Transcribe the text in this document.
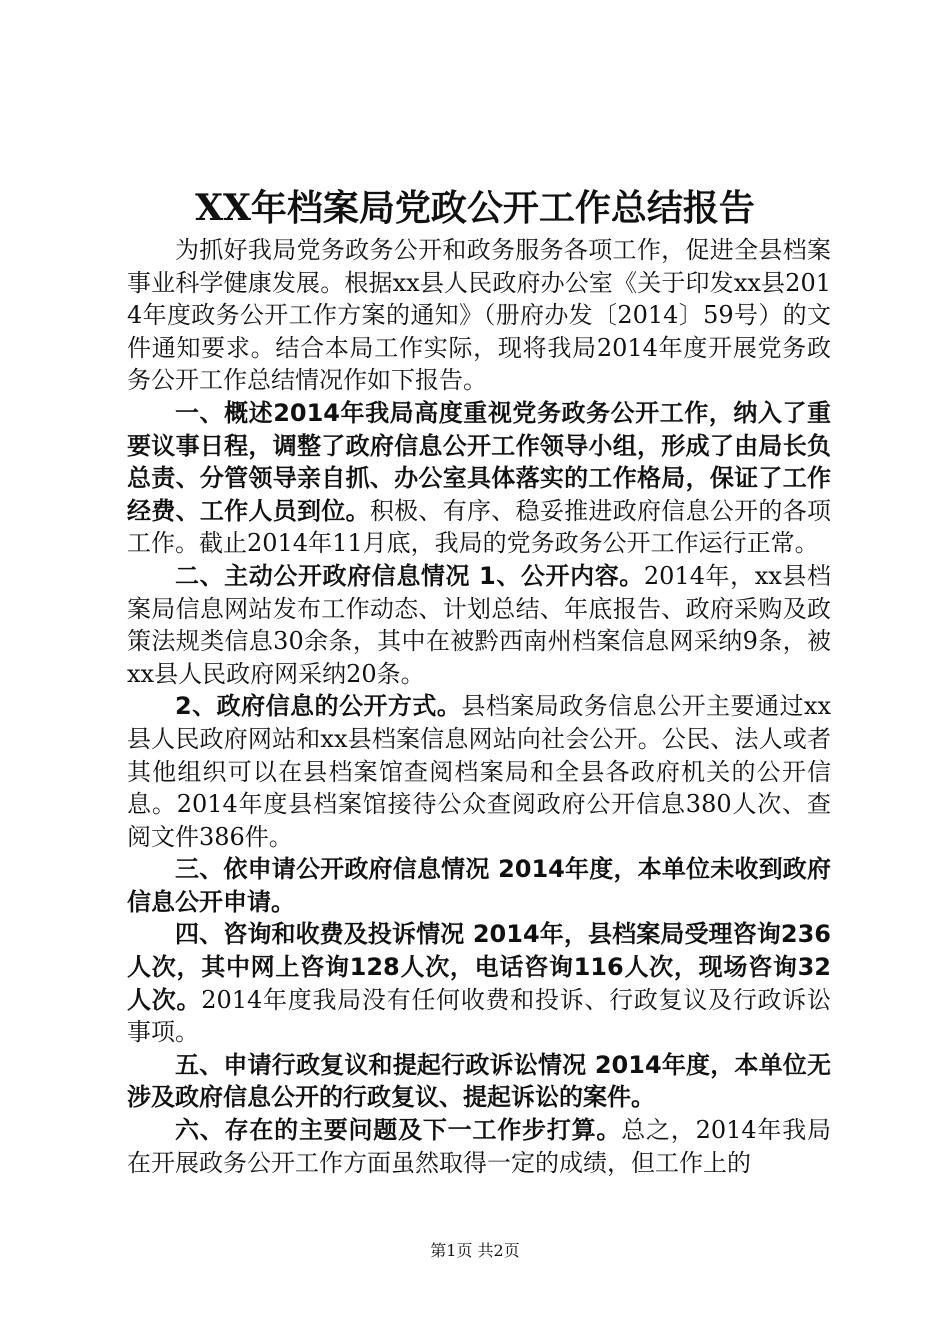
XX年档案局党政公开工作总结报告

为抓好我局党务政务公开和政务服务各项工作，促进全县档案事业科学健康发展。根据xx县人民政府办公室《关于印发xx县2014年度政务公开工作方案的通知》（册府办发〔2014〕59号）的文件通知要求。结合本局工作实际，现将我局2014年度开展党务政务公开工作总结情况作如下报告。

一、概述2014年我局高度重视党务政务公开工作，纳入了重要议事日程，调整了政府信息公开工作领导小组，形成了由局长负总责、分管领导亲自抓、办公室具体落实的工作格局，保证了工作经费、工作人员到位。积极、有序、稳妥推进政府信息公开的各项工作。截止2014年11月底，我局的党务政务公开工作运行正常。

二、主动公开政府信息情况 1、公开内容。2014年，xx县档案局信息网站发布工作动态、计划总结、年底报告、政府采购及政策法规类信息30余条，其中在被黔西南州档案信息网采纳9条，被xx县人民政府网采纳20条。

2、政府信息的公开方式。县档案局政务信息公开主要通过xx县人民政府网站和xx县档案信息网站向社会公开。公民、法人或者其他组织可以在县档案馆查阅档案局和全县各政府机关的公开信息。2014年度县档案馆接待公众查阅政府公开信息380人次、查阅文件386件。

三、依申请公开政府信息情况 2014年度，本单位未收到政府信息公开申请。

四、咨询和收费及投诉情况 2014年，县档案局受理咨询236人次，其中网上咨询128人次，电话咨询116人次，现场咨询32人次。2014年度我局没有任何收费和投诉、行政复议及行政诉讼事项。

五、申请行政复议和提起行政诉讼情况 2014年度，本单位无涉及政府信息公开的行政复议、提起诉讼的案件。

六、存在的主要问题及下一工作步打算。总之，2014年我局在开展政务公开工作方面虽然取得一定的成绩，但工作上的

第1页 共2页
